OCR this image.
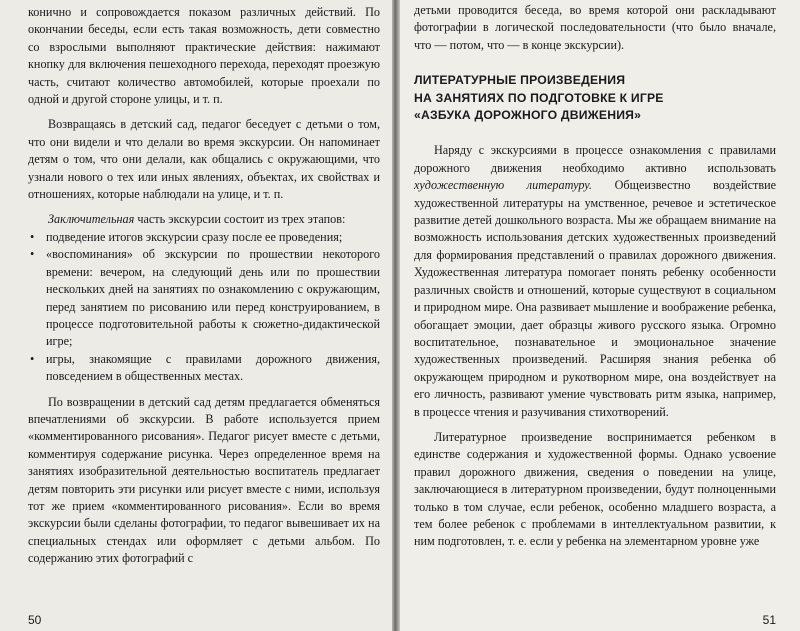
конично и сопровождается показом различных действий. По окончании беседы, если есть такая возможность, дети совместно со взрослыми выполняют практические действия: нажимают кнопку для включения пешеходного перехода, переходят проезжую часть, считают количество автомобилей, которые проехали по одной и другой стороне улицы, и т. п.

Возвращаясь в детский сад, педагог беседует с детьми о том, что они видели и что делали во время экскурсии. Он напоминает детям о том, что они делали, как общались с окружающими, что узнали нового о тех или иных явлениях, объектах, их свойствах и отношениях, которые наблюдали на улице, и т. п.

Заключительная часть экскурсии состоит из трех этапов:

• подведение итогов экскурсии сразу после ее проведения;
• «воспоминания» об экскурсии по прошествии некоторого времени: вечером, на следующий день или по прошествии нескольких дней на занятиях по ознакомлению с окружающим, перед занятием по рисованию или перед конструированием, в процессе подготовительной работы к сюжетно-дидактической игре;
• игры, знакомящие с правилами дорожного движения, повседением в общественных местах.

По возвращении в детский сад детям предлагается обменяться впечатлениями об экскурсии. В работе используется прием «комментированного рисования». Педагог рисует вместе с детьми, комментируя содержание рисунка. Через определенное время на занятиях изобразительной деятельностью воспитатель предлагает детям повторить эти рисунки или рисует вместе с ними, используя тот же прием «комментированного рисования». Если во время экскурсии были сделаны фотографии, то педагог вывешивает их на специальных стендах или оформляет с детьми альбом. По содержанию этих фотографий с

50

детьми проводится беседа, во время которой они раскладывают фотографии в логической последовательности (что было вначале, что — потом, что — в конце экскурсии).

ЛИТЕРАТУРНЫЕ ПРОИЗВЕДЕНИЯ

НА ЗАНЯТИЯХ ПО ПОДГОТОВКЕ К ИГРЕ

«АЗБУКА ДОРОЖНОГО ДВИЖЕНИЯ»

Наряду с экскурсиями в процессе ознакомления с правилами дорожного движения необходимо активно использовать художественную литературу. Общеизвестно воздействие художественной литературы на умственное, речевое и эстетическое развитие детей дошкольного возраста. Мы же обращаем внимание на возможность использования детских художественных произведений для формирования представлений о правилах дорожного движения. Художественная литература помогает понять ребенку особенности различных свойств и отношений, которые существуют в социальном и природном мире. Она развивает мышление и воображение ребенка, обогащает эмоции, дает образцы живого русского языка. Огромно воспитательное, познавательное и эмоциональное значение художественных произведений. Расширяя знания ребенка об окружающем природном и рукотворном мире, она воздействует на его личность, развивают умение чувствовать ритм языка, например, в процессе чтения и разучивания стихотворений.

Литературное произведение воспринимается ребенком в единстве содержания и художественной формы. Однако усвоение правил дорожного движения, сведения о поведении на улице, заключающиеся в литературном произведении, будут полноценными только в том случае, если ребенок, особенно младшего возраста, а тем более ребенок с проблемами в интеллектуальном развитии, к ним подготовлен, т. е. если у ребенка на элементарном уровне уже

51
